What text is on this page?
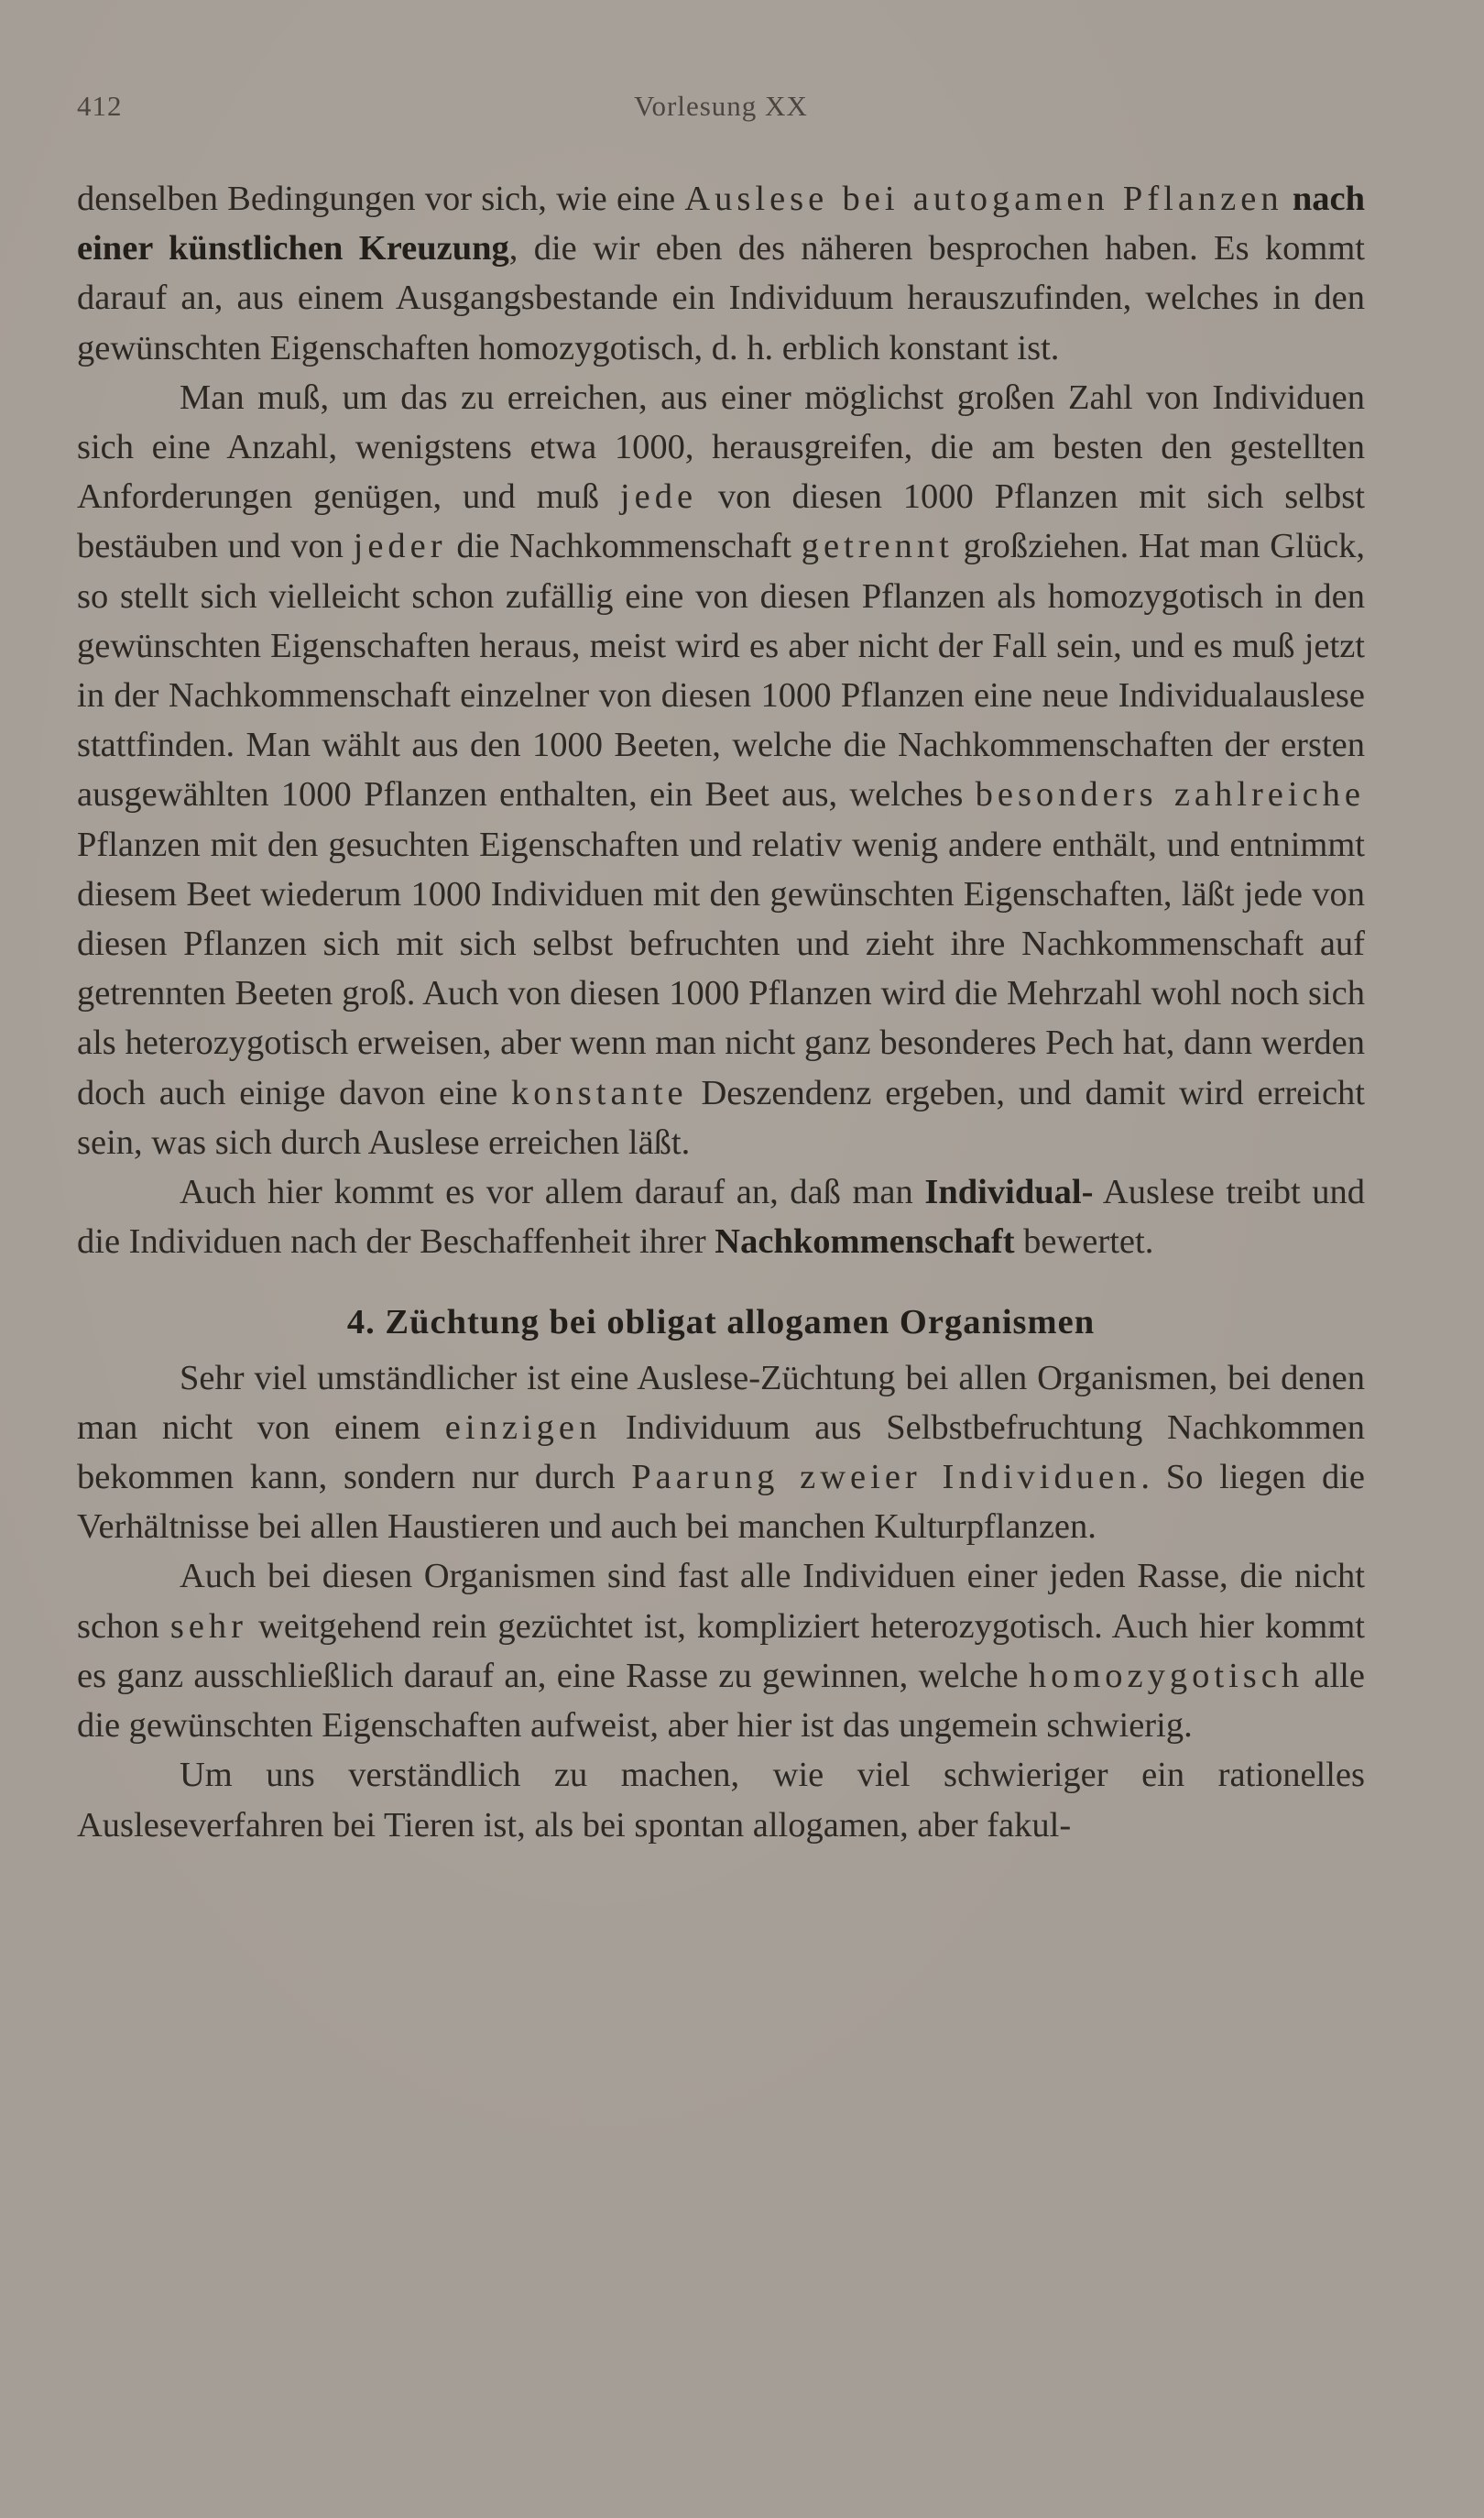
412	Vorlesung XX

denselben Bedingungen vor sich, wie eine Auslese bei autogamen Pflanzen nach einer künstlichen Kreuzung, die wir eben des näheren besprochen haben. Es kommt darauf an, aus einem Ausgangsbestande ein Individuum herauszufinden, welches in den gewünschten Eigenschaften homozygotisch, d. h. erblich konstant ist.

Man muß, um das zu erreichen, aus einer möglichst großen Zahl von Individuen sich eine Anzahl, wenigstens etwa 1000, herausgreifen, die am besten den gestellten Anforderungen genügen, und muß jede von diesen 1000 Pflanzen mit sich selbst bestäuben und von jeder die Nachkommenschaft getrennt großziehen. Hat man Glück, so stellt sich vielleicht schon zufällig eine von diesen Pflanzen als homozygotisch in den gewünschten Eigenschaften heraus, meist wird es aber nicht der Fall sein, und es muß jetzt in der Nachkommenschaft einzelner von diesen 1000 Pflanzen eine neue Individualauslese stattfinden. Man wählt aus den 1000 Beeten, welche die Nachkommenschaften der ersten ausgewählten 1000 Pflanzen enthalten, ein Beet aus, welches besonders zahlreiche Pflanzen mit den gesuchten Eigenschaften und relativ wenig andere enthält, und entnimmt diesem Beet wiederum 1000 Individuen mit den gewünschten Eigenschaften, läßt jede von diesen Pflanzen sich mit sich selbst befruchten und zieht ihre Nachkommenschaft auf getrennten Beeten groß. Auch von diesen 1000 Pflanzen wird die Mehrzahl wohl noch sich als heterozygotisch erweisen, aber wenn man nicht ganz besonderes Pech hat, dann werden doch auch einige davon eine konstante Deszendenz ergeben, und damit wird erreicht sein, was sich durch Auslese erreichen läßt.

Auch hier kommt es vor allem darauf an, daß man Individual- Auslese treibt und die Individuen nach der Beschaffenheit ihrer Nachkommenschaft bewertet.

4. Züchtung bei obligat allogamen Organismen

Sehr viel umständlicher ist eine Auslese-Züchtung bei allen Organismen, bei denen man nicht von einem einzigen Individuum aus Selbstbefruchtung Nachkommen bekommen kann, sondern nur durch Paarung zweier Individuen. So liegen die Verhältnisse bei allen Haustieren und auch bei manchen Kulturpflanzen.

Auch bei diesen Organismen sind fast alle Individuen einer jeden Rasse, die nicht schon sehr weitgehend rein gezüchtet ist, kompliziert heterozygotisch. Auch hier kommt es ganz ausschließlich darauf an, eine Rasse zu gewinnen, welche homozygotisch alle die gewünschten Eigenschaften aufweist, aber hier ist das ungemein schwierig.

Um uns verständlich zu machen, wie viel schwieriger ein rationelles Ausleseverfahren bei Tieren ist, als bei spontan allogamen, aber fakul-
